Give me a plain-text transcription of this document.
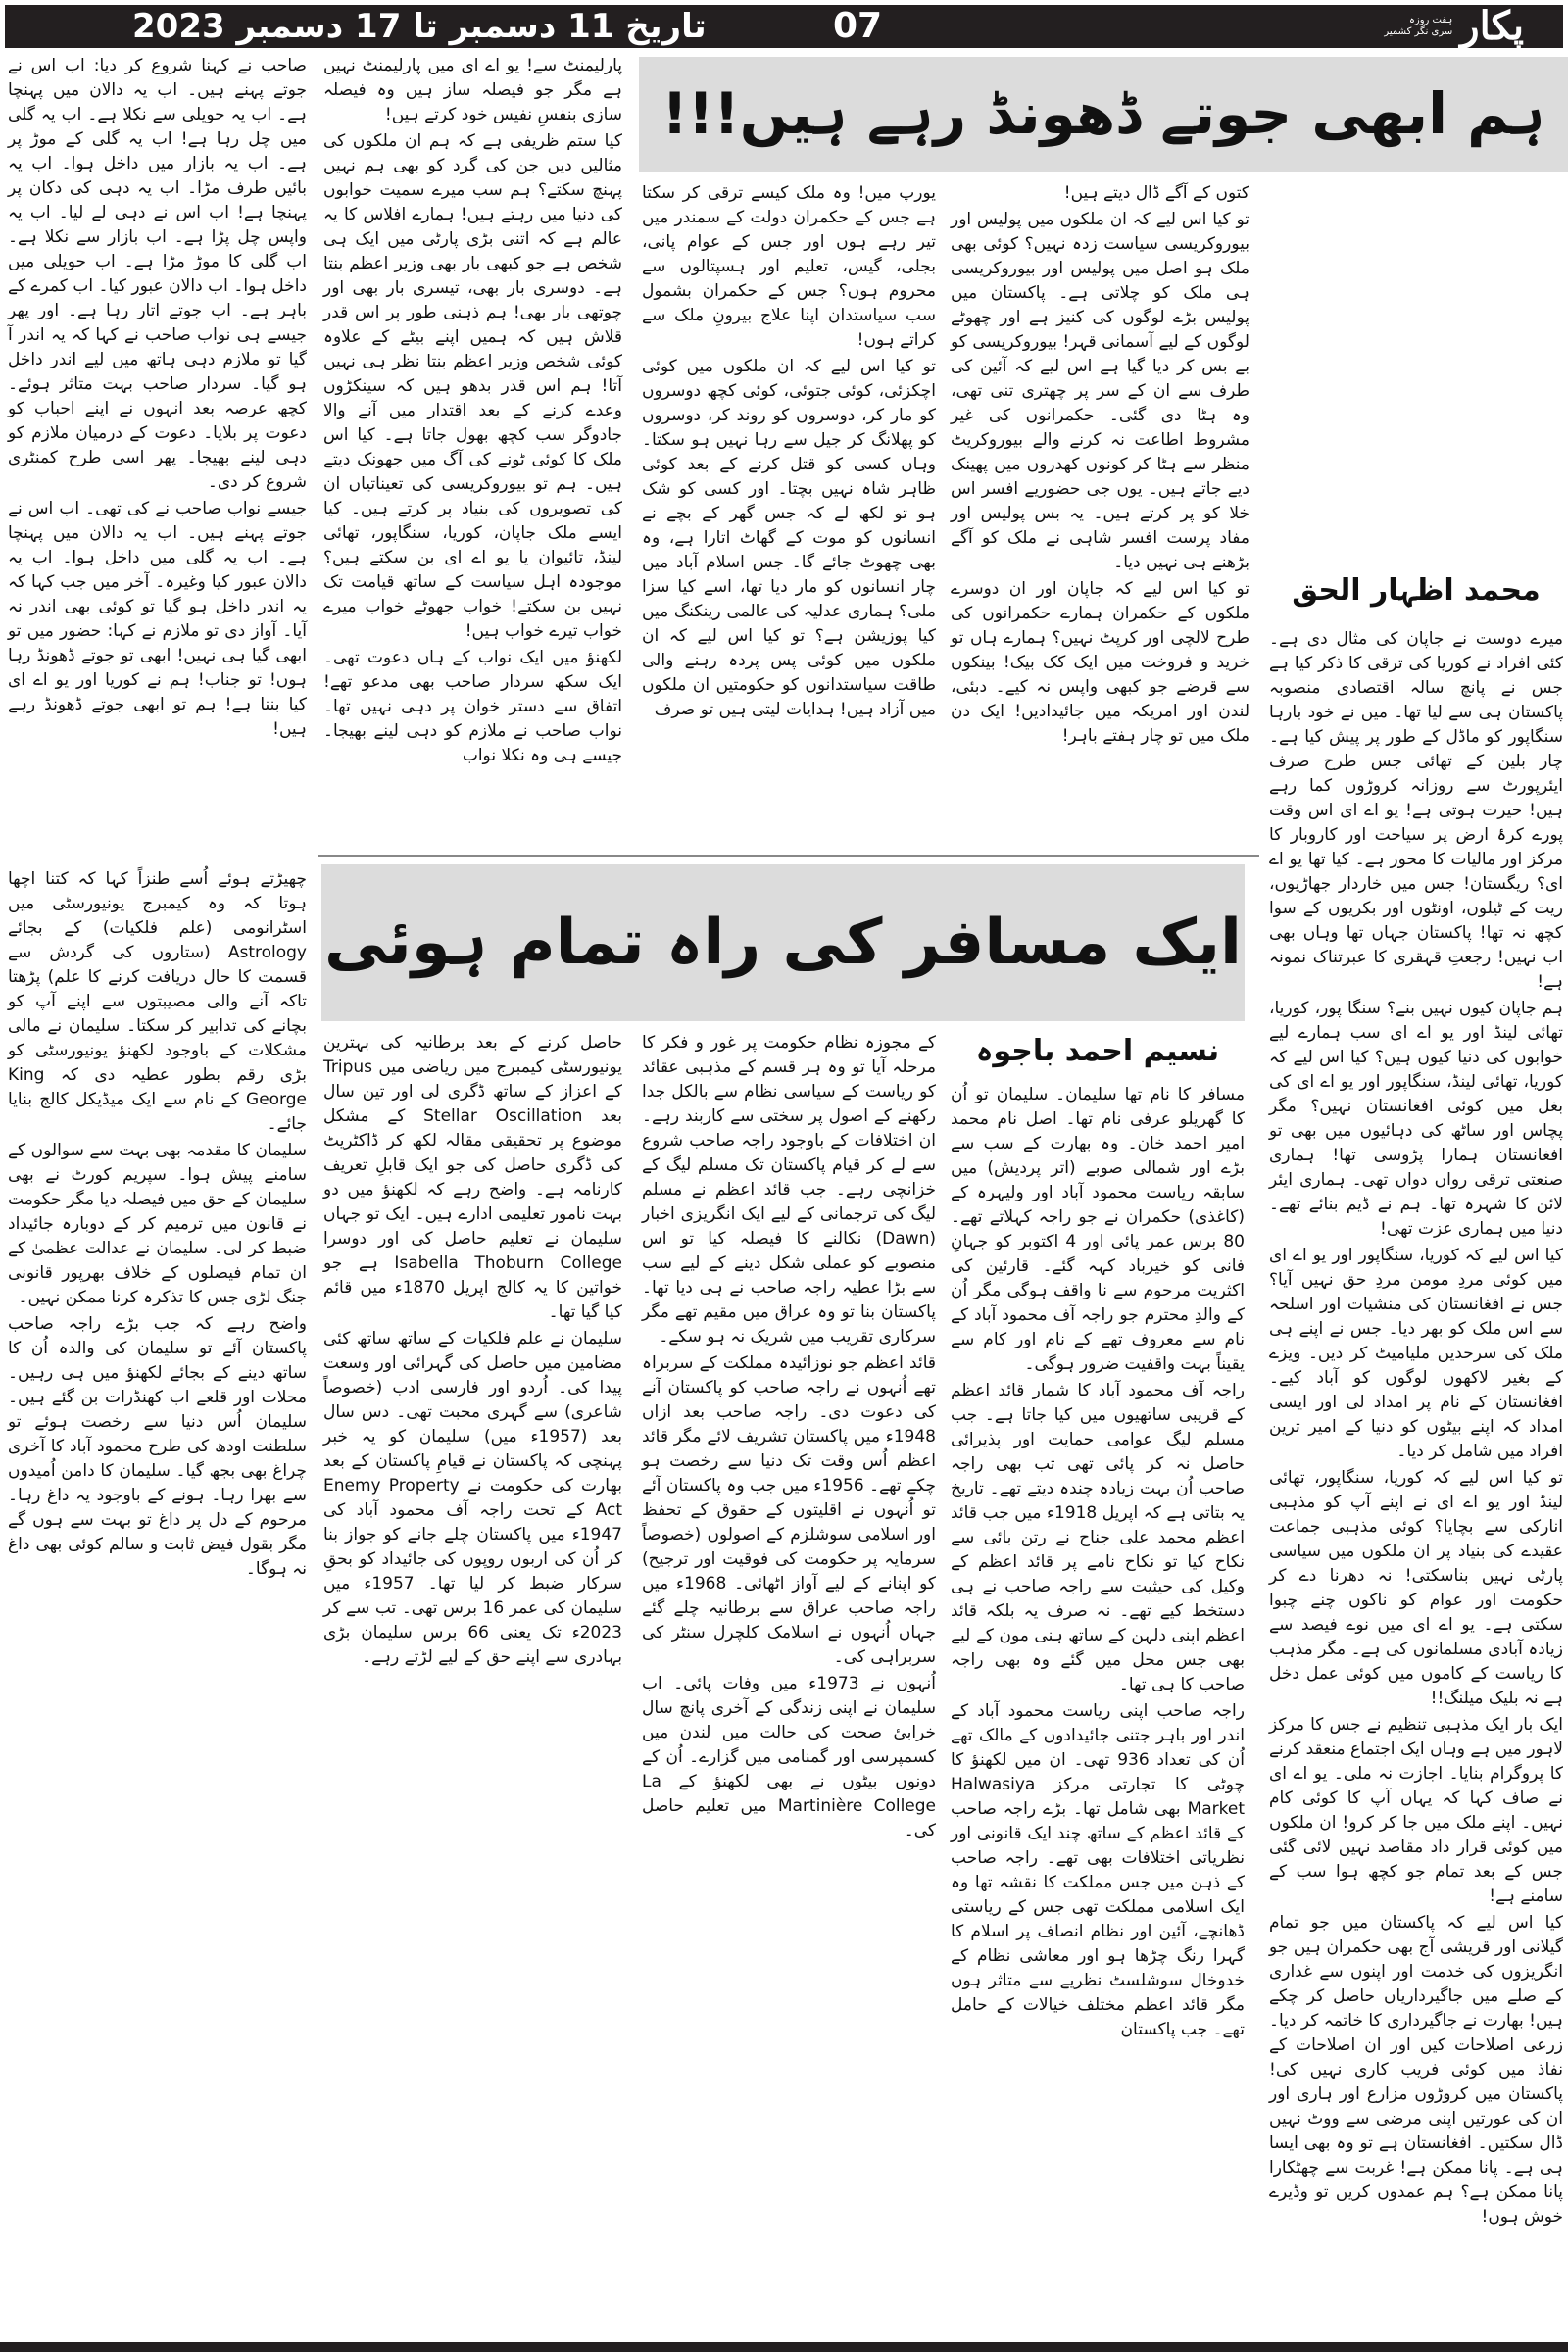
تاریخ 11 دسمبر تا 17 دسمبر 2023	07	پکار
ہفت روزہ
سری نگر کشمیر
ہم ابھی جوتے ڈھونڈ رہے ہیں!!!
محمد اظہار الحق

میرے دوست نے جاپان کی مثال دی ہے۔ کئی افراد نے کوریا کی ترقی کا ذکر کیا ہے جس نے پانچ سالہ اقتصادی منصوبہ پاکستان ہی سے لیا تھا۔ میں نے خود بارہا سنگاپور کو ماڈل کے طور پر پیش کیا ہے۔ چار بلین کے تھائی جس طرح صرف ایئرپورٹ سے روزانہ کروڑوں کما رہے ہیں! حیرت ہوتی ہے! یو اے ای اس وقت پورے کرۂ ارض پر سیاحت اور کاروبار کا مرکز اور مالیات کا محور ہے۔ کیا تھا یو اے ای؟ ریگستان! جس میں خاردار جھاڑیوں، ریت کے ٹیلوں، اونٹوں اور بکریوں کے سوا کچھ نہ تھا! پاکستان جہاں تھا وہاں بھی اب نہیں! رجعتِ قہقری کا عبرتناک نمونہ ہے!

ہم جاپان کیوں نہیں بنے؟ سنگا پور، کوریا، تھائی لینڈ اور یو اے ای سب ہمارے لیے خوابوں کی دنیا کیوں ہیں؟ کیا اس لیے کہ کوریا، تھائی لینڈ، سنگاپور اور یو اے ای کی بغل میں کوئی افغانستان نہیں؟ مگر پچاس اور ساٹھ کی دہائیوں میں بھی تو افغانستان ہمارا پڑوسی تھا! ہماری صنعتی ترقی رواں دواں تھی۔ ہماری ایئر لائن کا شہرہ تھا۔ ہم نے ڈیم بنائے تھے۔ دنیا میں ہماری عزت تھی!

کیا اس لیے کہ کوریا، سنگاپور اور یو اے ای میں کوئی مردِ مومن مردِ حق نہیں آیا؟ جس نے افغانستان کی منشیات اور اسلحہ سے اس ملک کو بھر دیا۔ جس نے اپنے ہی ملک کی سرحدیں ملیامیٹ کر دیں۔ ویزے کے بغیر لاکھوں لوگوں کو آباد کیے۔ افغانستان کے نام پر امداد لی اور ایسی امداد کہ اپنے بیٹوں کو دنیا کے امیر ترین افراد میں شامل کر دیا۔

تو کیا اس لیے کہ کوریا، سنگاپور، تھائی لینڈ اور یو اے ای نے اپنے آپ کو مذہبی انارکی سے بچایا؟ کوئی مذہبی جماعت عقیدے کی بنیاد پر ان ملکوں میں سیاسی پارٹی نہیں بناسکتی! نہ دھرنا دے کر حکومت اور عوام کو ناکوں چنے چبوا سکتی ہے۔ یو اے ای میں نوے فیصد سے زیادہ آبادی مسلمانوں کی ہے۔ مگر مذہب کا ریاست کے کاموں میں کوئی عمل دخل ہے نہ بلیک میلنگ!!

ایک بار ایک مذہبی تنظیم نے جس کا مرکز لاہور میں ہے وہاں ایک اجتماع منعقد کرنے کا پروگرام بنایا۔ اجازت نہ ملی۔ یو اے ای نے صاف کہا کہ یہاں آپ کا کوئی کام نہیں۔ اپنے ملک میں جا کر کرو! ان ملکوں میں کوئی قرار داد مقاصد نہیں لائی گئی جس کے بعد تمام جو کچھ ہوا سب کے سامنے ہے!

کیا اس لیے کہ پاکستان میں جو تمام گیلانی اور قریشی آج بھی حکمران ہیں جو انگریزوں کی خدمت اور اپنوں سے غداری کے صلے میں جاگیرداریاں حاصل کر چکے ہیں! بھارت نے جاگیرداری کا خاتمہ کر دیا۔ زرعی اصلاحات کیں اور ان اصلاحات کے نفاذ میں کوئی فریب کاری نہیں کی! پاکستان میں کروڑوں مزارع اور ہاری اور ان کی عورتیں اپنی مرضی سے ووٹ نہیں ڈال سکتیں۔ افغانستان ہے تو وہ بھی ایسا ہی ہے۔ پانا ممکن ہے! غربت سے چھٹکارا پانا ممکن ہے؟ ہم عمدوں کریں تو وڈیرے خوش ہوں!

کتوں کے آگے ڈال دیتے ہیں!

تو کیا اس لیے کہ ان ملکوں میں پولیس اور بیوروکریسی سیاست زدہ نہیں؟ کوئی بھی ملک ہو اصل میں پولیس اور بیوروکریسی ہی ملک کو چلاتی ہے۔ پاکستان میں پولیس بڑے لوگوں کی کنیز ہے اور چھوٹے لوگوں کے لیے آسمانی قہر! بیوروکریسی کو بے بس کر دیا گیا ہے اس لیے کہ آئین کی طرف سے ان کے سر پر چھتری تنی تھی، وہ ہٹا دی گئی۔ حکمرانوں کی غیر مشروط اطاعت نہ کرنے والے بیوروکریٹ منظر سے ہٹا کر کونوں کھدروں میں پھینک دیے جاتے ہیں۔ یوں جی حضوریے افسر اس خلا کو پر کرتے ہیں۔ یہ بس پولیس اور مفاد پرست افسر شاہی نے ملک کو آگے بڑھنے ہی نہیں دیا۔

تو کیا اس لیے کہ جاپان اور ان دوسرے ملکوں کے حکمران ہمارے حکمرانوں کی طرح لالچی اور کرپٹ نہیں؟ ہمارے ہاں تو خرید و فروخت میں ایک کک بیک! بینکوں سے قرضے جو کبھی واپس نہ کیے۔ دبئی، لندن اور امریکہ میں جائیدادیں! ایک دن ملک میں تو چار ہفتے باہر!

یورپ میں! وہ ملک کیسے ترقی کر سکتا ہے جس کے حکمران دولت کے سمندر میں تیر رہے ہوں اور جس کے عوام پانی، بجلی، گیس، تعلیم اور ہسپتالوں سے محروم ہوں؟ جس کے حکمران بشمول سب سیاستدان اپنا علاج بیرونِ ملک سے کراتے ہوں!

تو کیا اس لیے کہ ان ملکوں میں کوئی اچکزئی، کوئی جتوئی، کوئی کچھ دوسروں کو مار کر، دوسروں کو روند کر، دوسروں کو پھلانگ کر جیل سے رہا نہیں ہو سکتا۔ وہاں کسی کو قتل کرنے کے بعد کوئی ظاہر شاہ نہیں بچتا۔ اور کسی کو شک ہو تو لکھ لے کہ جس گھر کے بچے نے انسانوں کو موت کے گھاٹ اتارا ہے، وہ بھی چھوٹ جائے گا۔ جس اسلام آباد میں چار انسانوں کو مار دیا تھا، اسے کیا سزا ملی؟ ہماری عدلیہ کی عالمی رینکنگ میں کیا پوزیشن ہے؟ تو کیا اس لیے کہ ان ملکوں میں کوئی پس پردہ رہنے والی طاقت سیاستدانوں کو حکومتیں ان ملکوں میں آزاد ہیں! ہدایات لیتی ہیں تو صرف

پارلیمنٹ سے! یو اے ای میں پارلیمنٹ نہیں ہے مگر جو فیصلہ ساز ہیں وہ فیصلہ سازی بنفسِ نفیس خود کرتے ہیں!

کیا ستم ظریفی ہے کہ ہم ان ملکوں کی مثالیں دیں جن کی گرد کو بھی ہم نہیں پہنچ سکتے؟ ہم سب میرے سمیت خوابوں کی دنیا میں رہتے ہیں! ہمارے افلاس کا یہ عالم ہے کہ اتنی بڑی پارٹی میں ایک ہی شخص ہے جو کبھی بار بھی وزیر اعظم بنتا ہے۔ دوسری بار بھی، تیسری بار بھی اور چوتھی بار بھی! ہم ذہنی طور پر اس قدر قلاش ہیں کہ ہمیں اپنے بیٹے کے علاوہ کوئی شخص وزیر اعظم بنتا نظر ہی نہیں آتا! ہم اس قدر بدھو ہیں کہ سینکڑوں وعدے کرنے کے بعد اقتدار میں آنے والا جادوگر سب کچھ بھول جاتا ہے۔ کیا اس ملک کا کوئی ٹونے کی آگ میں جھونک دیتے ہیں۔ ہم تو بیوروکریسی کی تعیناتیاں ان کی تصویروں کی بنیاد پر کرتے ہیں۔ کیا ایسے ملک جاپان، کوریا، سنگاپور، تھائی لینڈ، تائیوان یا یو اے ای بن سکتے ہیں؟ موجودہ اہل سیاست کے ساتھ قیامت تک نہیں بن سکتے! خواب جھوٹے خواب میرے خواب تیرے خواب ہیں!

لکھنؤ میں ایک نواب کے ہاں دعوت تھی۔ ایک سکھ سردار صاحب بھی مدعو تھے! اتفاق سے دستر خوان پر دہی نہیں تھا۔ نواب صاحب نے ملازم کو دہی لینے بھیجا۔ جیسے ہی وہ نکلا نواب

صاحب نے کہنا شروع کر دیا: اب اس نے جوتے پہنے ہیں۔ اب یہ دالان میں پہنچا ہے۔ اب یہ حویلی سے نکلا ہے۔ اب یہ گلی میں چل رہا ہے! اب یہ گلی کے موڑ پر ہے۔ اب یہ بازار میں داخل ہوا۔ اب یہ بائیں طرف مڑا۔ اب یہ دہی کی دکان پر پہنچا ہے! اب اس نے دہی لے لیا۔ اب یہ واپس چل پڑا ہے۔ اب بازار سے نکلا ہے۔ اب گلی کا موڑ مڑا ہے۔ اب حویلی میں داخل ہوا۔ اب دالان عبور کیا۔ اب کمرے کے باہر ہے۔ اب جوتے اتار رہا ہے۔ اور پھر جیسے ہی نواب صاحب نے کہا کہ یہ اندر آ گیا تو ملازم دہی ہاتھ میں لیے اندر داخل ہو گیا۔ سردار صاحب بہت متاثر ہوئے۔ کچھ عرصہ بعد انہوں نے اپنے احباب کو دعوت پر بلایا۔ دعوت کے درمیان ملازم کو دہی لینے بھیجا۔ پھر اسی طرح کمنٹری شروع کر دی۔

جیسے نواب صاحب نے کی تھی۔ اب اس نے جوتے پہنے ہیں۔ اب یہ دالان میں پہنچا ہے۔ اب یہ گلی میں داخل ہوا۔ اب یہ دالان عبور کیا وغیرہ۔ آخر میں جب کہا کہ یہ اندر داخل ہو گیا تو کوئی بھی اندر نہ آیا۔ آواز دی تو ملازم نے کہا: حضور میں تو ابھی گیا ہی نہیں! ابھی تو جوتے ڈھونڈ رہا ہوں! تو جناب! ہم نے کوریا اور یو اے ای کیا بننا ہے! ہم تو ابھی جوتے ڈھونڈ رہے ہیں!

ایک مسافر کی راہ تمام ہوئی
نسیم احمد باجوہ

مسافر کا نام تھا سلیمان۔ سلیمان تو اُن کا گھریلو عرفی نام تھا۔ اصل نام محمد امیر احمد خان۔ وہ بھارت کے سب سے بڑے اور شمالی صوبے (اتر پردیش) میں سابقہ ریاست محمود آباد اور ولیہرہ کے (کاغذی) حکمران نے جو راجہ کہلاتے تھے۔ 80 برس عمر پائی اور 4 اکتوبر کو جہانِ فانی کو خیرباد کہہ گئے۔ قارئین کی اکثریت مرحوم سے نا واقف ہوگی مگر اُن کے والدِ محترم جو راجہ آف محمود آباد کے نام سے معروف تھے کے نام اور کام سے یقیناً بہت واقفیت ضرور ہوگی۔

راجہ آف محمود آباد کا شمار قائد اعظم کے قریبی ساتھیوں میں کیا جاتا ہے۔ جب مسلم لیگ عوامی حمایت اور پذیرائی حاصل نہ کر پائی تھی تب بھی راجہ صاحب اُن بہت زیادہ چندہ دیتے تھے۔ تاریخ یہ بتاتی ہے کہ اپریل 1918ء میں جب قائد اعظم محمد علی جناح نے رتن بائی سے نکاح کیا تو نکاح نامے پر قائد اعظم کے وکیل کی حیثیت سے راجہ صاحب نے ہی دستخط کیے تھے۔ نہ صرف یہ بلکہ قائد اعظم اپنی دلہن کے ساتھ ہنی مون کے لیے بھی جس محل میں گئے وہ بھی راجہ صاحب کا ہی تھا۔

راجہ صاحب اپنی ریاست محمود آباد کے اندر اور باہر جتنی جائیدادوں کے مالک تھے اُن کی تعداد 936 تھی۔ ان میں لکھنؤ کا چوٹی کا تجارتی مرکز Halwasiya Market بھی شامل تھا۔ بڑے راجہ صاحب کے قائد اعظم کے ساتھ چند ایک قانونی اور نظریاتی اختلافات بھی تھے۔ راجہ صاحب کے ذہن میں جس مملکت کا نقشہ تھا وہ ایک اسلامی مملکت تھی جس کے ریاستی ڈھانچے، آئین اور نظام انصاف پر اسلام کا گہرا رنگ چڑھا ہو اور معاشی نظام کے خدوخال سوشلسٹ نظریے سے متاثر ہوں مگر قائد اعظم مختلف خیالات کے حامل تھے۔ جب پاکستان

کے مجوزہ نظام حکومت پر غور و فکر کا مرحلہ آیا تو وہ ہر قسم کے مذہبی عقائد کو ریاست کے سیاسی نظام سے بالکل جدا رکھنے کے اصول پر سختی سے کاربند رہے۔ ان اختلافات کے باوجود راجہ صاحب شروع سے لے کر قیام پاکستان تک مسلم لیگ کے خزانچی رہے۔ جب قائد اعظم نے مسلم لیگ کی ترجمانی کے لیے ایک انگریزی اخبار (Dawn) نکالنے کا فیصلہ کیا تو اس منصوبے کو عملی شکل دینے کے لیے سب سے بڑا عطیہ راجہ صاحب نے ہی دیا تھا۔ پاکستان بنا تو وہ عراق میں مقیم تھے مگر سرکاری تقریب میں شریک نہ ہو سکے۔

قائد اعظم جو نوزائیدہ مملکت کے سربراہ تھے اُنہوں نے راجہ صاحب کو پاکستان آنے کی دعوت دی۔ راجہ صاحب بعد ازاں 1948ء میں پاکستان تشریف لائے مگر قائد اعظم اُس وقت تک دنیا سے رخصت ہو چکے تھے۔ 1956ء میں جب وہ پاکستان آئے تو اُنہوں نے اقلیتوں کے حقوق کے تحفظ اور اسلامی سوشلزم کے اصولوں (خصوصاً سرمایہ پر حکومت کی فوقیت اور ترجیح) کو اپنانے کے لیے آواز اٹھائی۔ 1968ء میں راجہ صاحب عراق سے برطانیہ چلے گئے جہاں اُنہوں نے اسلامک کلچرل سنٹر کی سربراہی کی۔

اُنہوں نے 1973ء میں وفات پائی۔ اب سلیمان نے اپنی زندگی کے آخری پانچ سال خرابیٔ صحت کی حالت میں لندن میں کسمپرسی اور گمنامی میں گزارے۔ اُن کے دونوں بیٹوں نے بھی لکھنؤ کے La Martinière College میں تعلیم حاصل کی۔

حاصل کرنے کے بعد برطانیہ کی بہترین یونیورسٹی کیمبرج میں ریاضی میں Tripus کے اعزاز کے ساتھ ڈگری لی اور تین سال بعد Stellar Oscillation کے مشکل موضوع پر تحقیقی مقالہ لکھ کر ڈاکٹریٹ کی ڈگری حاصل کی جو ایک قابلِ تعریف کارنامہ ہے۔ واضح رہے کہ لکھنؤ میں دو بہت نامور تعلیمی ادارے ہیں۔ ایک تو جہاں سلیمان نے تعلیم حاصل کی اور دوسرا Isabella Thoburn College ہے جو خواتین کا یہ کالج اپریل 1870ء میں قائم کیا گیا تھا۔

سلیمان نے علم فلکیات کے ساتھ ساتھ کئی مضامین میں حاصل کی گہرائی اور وسعت پیدا کی۔ اُردو اور فارسی ادب (خصوصاً شاعری) سے گہری محبت تھی۔ دس سال بعد (1957ء میں) سلیمان کو یہ خبر پہنچی کہ پاکستان نے قیامِ پاکستان کے بعد بھارت کی حکومت نے Enemy Property Act کے تحت راجہ آف محمود آباد کی 1947ء میں پاکستان چلے جانے کو جواز بنا کر اُن کی اربوں روپوں کی جائیداد کو بحقِ سرکار ضبط کر لیا تھا۔ 1957ء میں سلیمان کی عمر 16 برس تھی۔ تب سے کر 2023ء تک یعنی 66 برس سلیمان بڑی بہادری سے اپنے حق کے لیے لڑتے رہے۔

چھیڑتے ہوئے اُسے طنزاً کہا کہ کتنا اچھا ہوتا کہ وہ کیمبرج یونیورسٹی میں اسٹرانومی (علم فلکیات) کے بجائے Astrology (ستاروں کی گردش سے قسمت کا حال دریافت کرنے کا علم) پڑھتا تاکہ آنے والی مصیبتوں سے اپنے آپ کو بچانے کی تدابیر کر سکتا۔ سلیمان نے مالی مشکلات کے باوجود لکھنؤ یونیورسٹی کو بڑی رقم بطور عطیہ دی کہ King George کے نام سے ایک میڈیکل کالج بنایا جائے۔

سلیمان کا مقدمہ بھی بہت سے سوالوں کے سامنے پیش ہوا۔ سپریم کورٹ نے بھی سلیمان کے حق میں فیصلہ دیا مگر حکومت نے قانون میں ترمیم کر کے دوبارہ جائیداد ضبط کر لی۔ سلیمان نے عدالت عظمیٰ کے ان تمام فیصلوں کے خلاف بھرپور قانونی جنگ لڑی جس کا تذکرہ کرنا ممکن نہیں۔

واضح رہے کہ جب بڑے راجہ صاحب پاکستان آئے تو سلیمان کی والدہ اُن کا ساتھ دینے کے بجائے لکھنؤ میں ہی رہیں۔ محلات اور قلعے اب کھنڈرات بن گئے ہیں۔ سلیمان اُس دنیا سے رخصت ہوئے تو سلطنت اودھ کی طرح محمود آباد کا آخری چراغ بھی بجھ گیا۔ سلیمان کا دامن اُمیدوں سے بھرا رہا۔ ہونے کے باوجود یہ داغ رہا۔ مرحوم کے دل پر داغ تو بہت سے ہوں گے مگر بقول فیض ثابت و سالم کوئی بھی داغ نہ ہوگا۔
